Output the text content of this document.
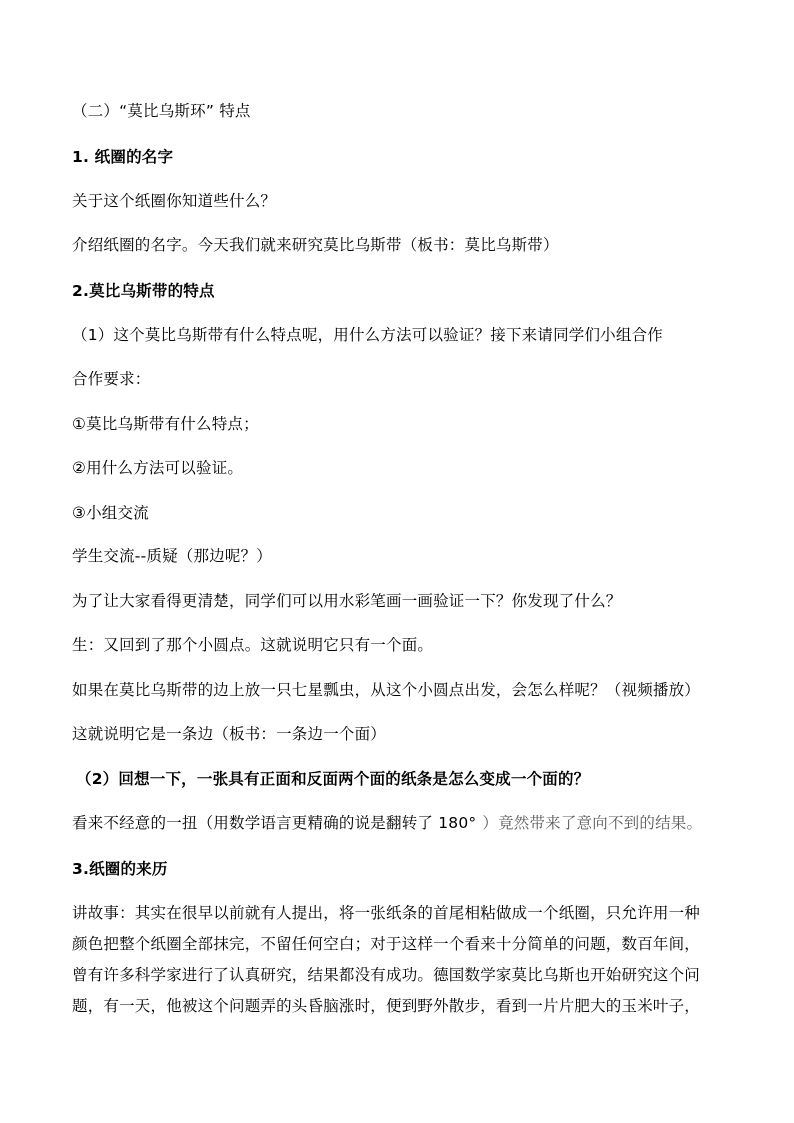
（二）“莫比乌斯环” 特点
1. 纸圈的名字
关于这个纸圈你知道些什么？
介绍纸圈的名字。今天我们就来研究莫比乌斯带（板书：莫比乌斯带）
2.莫比乌斯带的特点
（1）这个莫比乌斯带有什么特点呢，用什么方法可以验证？接下来请同学们小组合作
合作要求：
①莫比乌斯带有什么特点；
②用什么方法可以验证。
③小组交流
学生交流--质疑（那边呢？）
为了让大家看得更清楚，同学们可以用水彩笔画一画验证一下？你发现了什么？
生：又回到了那个小圆点。这就说明它只有一个面。
如果在莫比乌斯带的边上放一只七星瓢虫，从这个小圆点出发，会怎么样呢？（视频播放）
这就说明它是一条边（板书：一条边一个面）
（2）回想一下，一张具有正面和反面两个面的纸条是怎么变成一个面的？
看来不经意的一扭（用数学语言更精确的说是翻转了 180° ）竟然带来了意向不到的结果。
3.纸圈的来历
讲故事：其实在很早以前就有人提出，将一张纸条的首尾相粘做成一个纸圈，只允许用一种
颜色把整个纸圈全部抹完，不留任何空白；对于这样一个看来十分简单的问题，数百年间，
曾有许多科学家进行了认真研究，结果都没有成功。德国数学家莫比乌斯也开始研究这个问
题，有一天，他被这个问题弄的头昏脑涨时，便到野外散步，看到一片片肥大的玉米叶子，
